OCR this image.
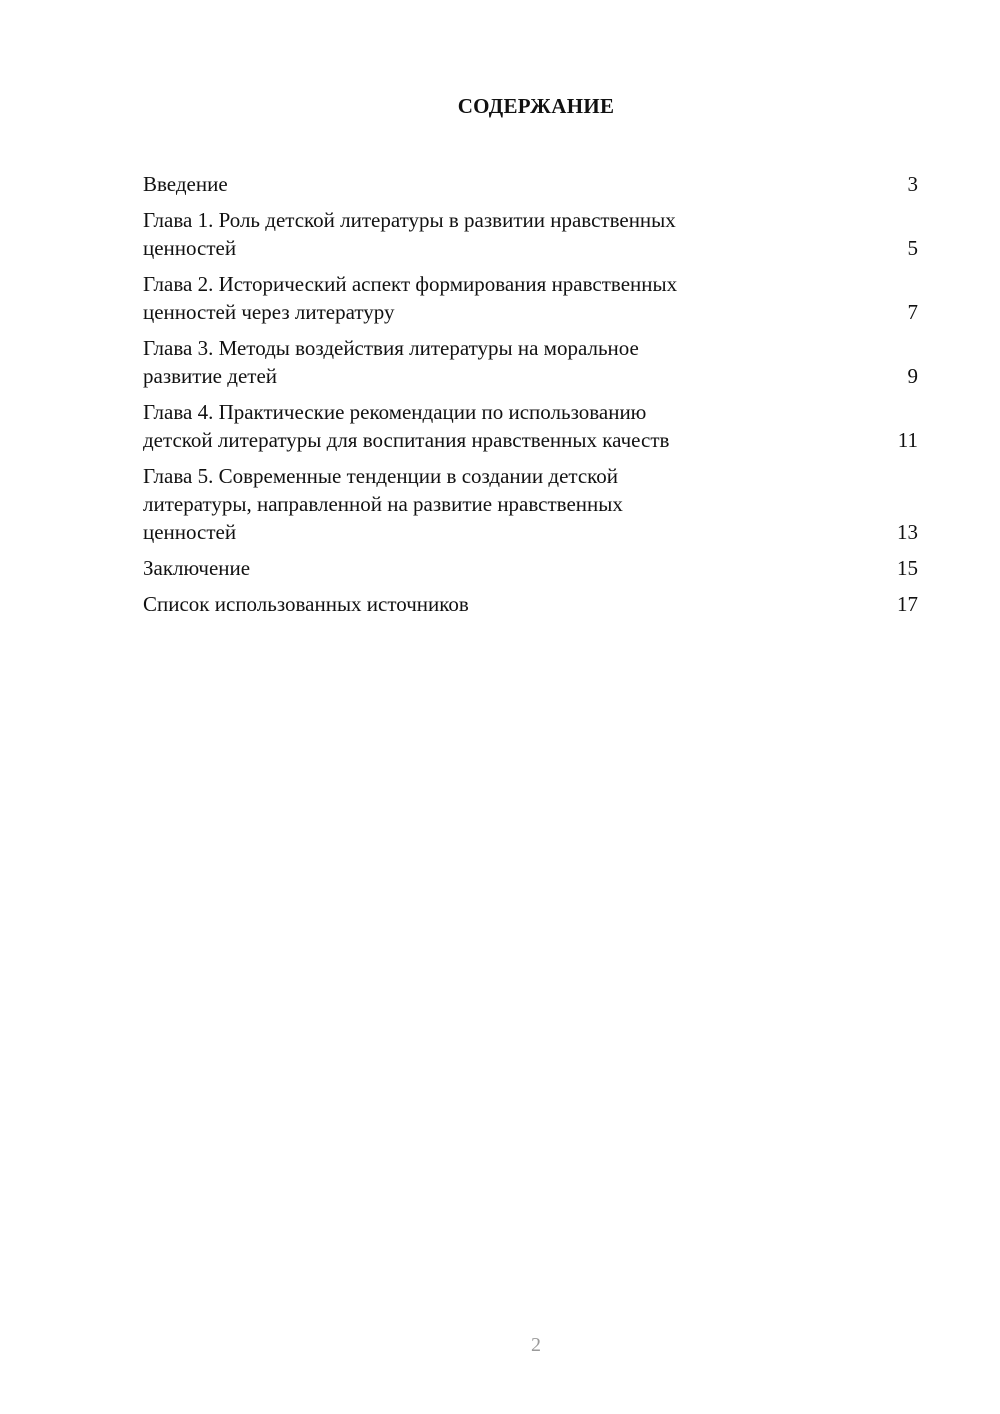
СОДЕРЖАНИЕ
Введение	3
Глава 1. Роль детской литературы в развитии нравственных
ценностей	5
Глава 2. Исторический аспект формирования нравственных
ценностей через литературу	7
Глава 3. Методы воздействия литературы на моральное
развитие детей	9
Глава 4. Практические рекомендации по использованию
детской литературы для воспитания нравственных качеств	11
Глава 5. Современные тенденции в создании детской
литературы, направленной на развитие нравственных
ценностей	13
Заключение	15
Список использованных источников	17
2
